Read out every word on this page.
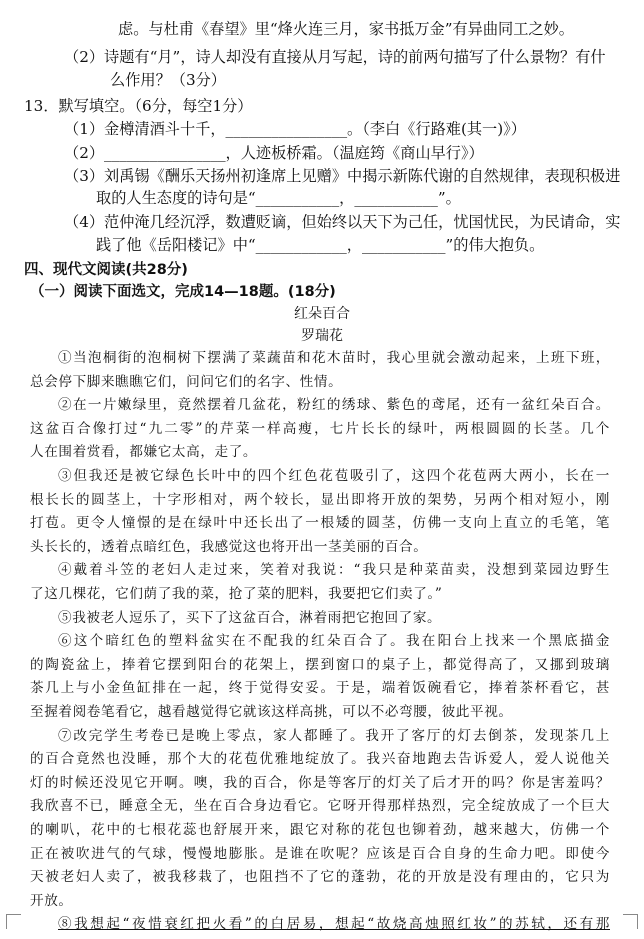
虑。与杜甫《春望》里“烽火连三月，家书抵万金”有异曲同工之妙。
（2）诗题有“月”，诗人却没有直接从月写起，诗的前两句描写了什么景物？有什
么作用？（3分）
13．默写填空。（6分，每空1分）
（1）金樽清酒斗十千，________________。（李白《行路难(其一)》）
（2）________________，人迹板桥霜。（温庭筠《商山早行》）
（3）刘禹锡《酬乐天扬州初逢席上见赠》中揭示新陈代谢的自然规律，表现积极进
取的人生态度的诗句是“___________，___________”。
（4）范仲淹几经沉浮，数遭贬谪，但始终以天下为己任，忧国忧民，为民请命，实
践了他《岳阳楼记》中“____________，___________”的伟大抱负。
四、现代文阅读(共28分)
（一）阅读下面选文，完成14—18题。(18分)
红朵百合
罗瑞花
①当泡桐街的泡桐树下摆满了菜蔬苗和花木苗时，我心里就会激动起来，上班下班，
总会停下脚来瞧瞧它们，问问它们的名字、性情。
②在一片嫩绿里，竟然摆着几盆花，粉红的绣球、紫色的鸢尾，还有一盆红朵百合。
这盆百合像打过“九二零”的芹菜一样高瘦，七片长长的绿叶，两根圆圆的长茎。几个
人在围着赏看，都嫌它太高，走了。
③但我还是被它绿色长叶中的四个红色花苞吸引了，这四个花苞两大两小，长在一
根长长的圆茎上，十字形相对，两个较长，显出即将开放的架势，另两个相对短小，刚
打苞。更令人憧憬的是在绿叶中还长出了一根矮的圆茎，仿佛一支向上直立的毛笔，笔
头长长的，透着点暗红色，我感觉这也将开出一茎美丽的百合。
④戴着斗笠的老妇人走过来，笑着对我说：“我只是种菜苗卖，没想到菜园边野生
了这几棵花，它们荫了我的菜，抢了菜的肥料，我要把它们卖了。”
⑤我被老人逗乐了，买下了这盆百合，淋着雨把它抱回了家。
⑥这个暗红色的塑料盆实在不配我的红朵百合了。我在阳台上找来一个黑底描金
的陶瓷盆上，捧着它摆到阳台的花架上，摆到窗口的桌子上，都觉得高了，又挪到玻璃
茶几上与小金鱼缸排在一起，终于觉得安妥。于是，端着饭碗看它，捧着茶杯看它，甚
至握着阅卷笔看它，越看越觉得它就该这样高挑，可以不必弯腰，彼此平视。
⑦改完学生考卷已是晚上零点，家人都睡了。我开了客厅的灯去倒茶，发现茶几上
的百合竟然也没睡，那个大的花苞优雅地绽放了。我兴奋地跑去告诉爱人，爱人说他关
灯的时候还没见它开啊。噢，我的百合，你是等客厅的灯关了后才开的吗？你是害羞吗？
我欣喜不已，睡意全无，坐在百合身边看它。它呀开得那样热烈，完全绽放成了一个巨大
的喇叭，花中的七根花蕊也舒展开来，跟它对称的花包也铆着劲，越来越大，仿佛一个
正在被吹进气的气球，慢慢地膨胀。是谁在吹呢？应该是百合自身的生命力吧。即使今
天被老妇人卖了，被我移栽了，也阻挡不了它的蓬勃，花的开放是没有理由的，它只为
开放。
⑧我想起“夜惜衰红把火看”的白居易，想起“故烧高烛照红妆”的苏轼，还有那
